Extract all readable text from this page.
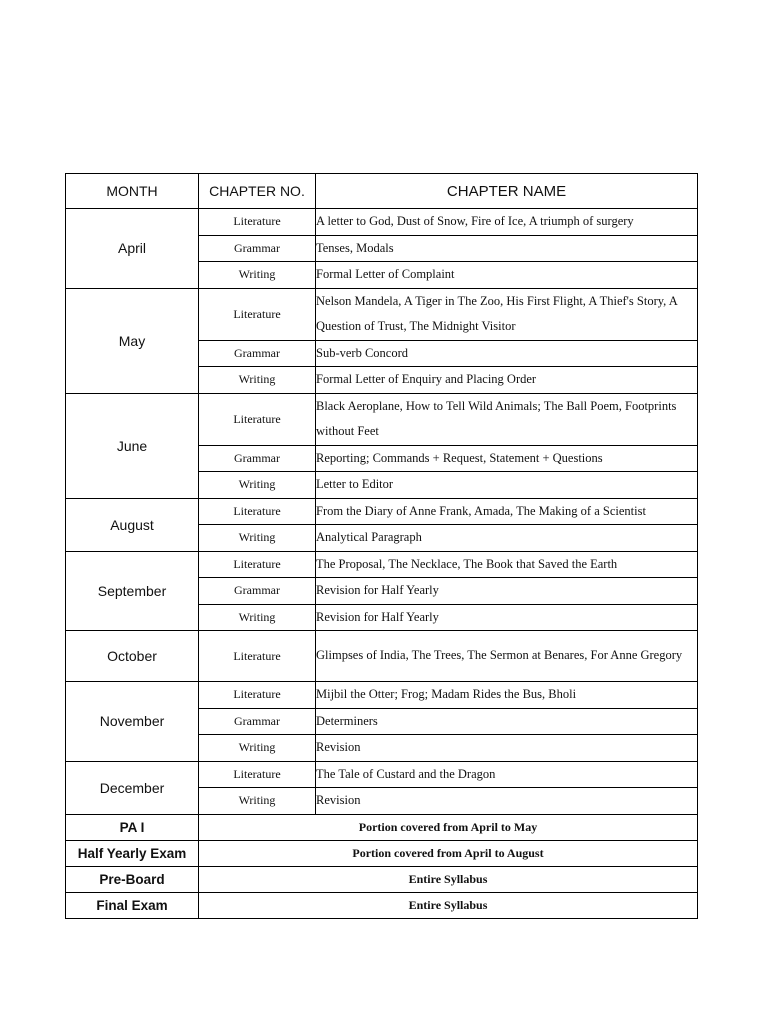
MONTH	CHAPTER NO.	CHAPTER NAME
April	Literature	A letter to God, Dust of Snow, Fire of Ice, A triumph of surgery
	Grammar	Tenses, Modals
	Writing	Formal Letter of Complaint
May	Literature	Nelson Mandela, A Tiger in The Zoo, His First Flight, A Thief's Story, A Question of Trust, The Midnight Visitor
	Grammar	Sub-verb Concord
	Writing	Formal Letter of Enquiry and Placing Order
June	Literature	Black Aeroplane, How to Tell Wild Animals; The Ball Poem, Footprints without Feet
	Grammar	Reporting; Commands + Request, Statement + Questions
	Writing	Letter to Editor
August	Literature	From the Diary of Anne Frank, Amada, The Making of a Scientist
	Writing	Analytical Paragraph
September	Literature	The Proposal, The Necklace, The Book that Saved the Earth
	Grammar	Revision for Half Yearly
	Writing	Revision for Half Yearly
October	Literature	Glimpses of India, The Trees, The Sermon at Benares, For Anne Gregory
November	Literature	Mijbil the Otter; Frog; Madam Rides the Bus, Bholi
	Grammar	Determiners
	Writing	Revision
December	Literature	The Tale of Custard and the Dragon
	Writing	Revision
PA I	Portion covered from April to May	
Half Yearly Exam	Portion covered from April to August	
Pre-Board	Entire Syllabus	
Final Exam	Entire Syllabus	
